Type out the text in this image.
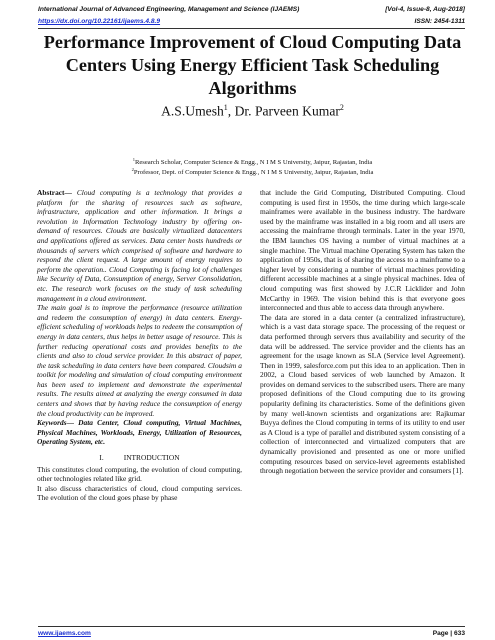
International Journal of Advanced Engineering, Management and Science (IJAEMS)	[Vol-4, Issue-8, Aug-2018]
https://dx.doi.org/10.22161/ijaems.4.8.9	ISSN: 2454-1311
Performance Improvement of Cloud Computing Data Centers Using Energy Efficient Task Scheduling Algorithms
A.S.Umesh$^1$, Dr. Parveen Kumar$^2$
$^1$Research Scholar, Computer Science & Engg., N I M S University, Jaipur, Rajastan, India
$^2$Professor, Dept. of Computer Science & Engg., N I M S University, Jaipur, Rajastan, India

Abstract— Cloud computing is a technology that provides a platform for the sharing of resources such as software, infrastructure, application and other information. It brings a revolution in Information Technology industry by offering on-demand of resources. Clouds are basically virtualized datacenters and applications offered as services. Data center hosts hundreds or thousands of servers which comprised of software and hardware to respond the client request. A large amount of energy requires to perform the operation.. Cloud Computing is facing lot of challenges like Security of Data, Consumption of energy, Server Consolidation, etc. The research work focuses on the study of task scheduling management in a cloud environment.

The main goal is to improve the performance (resource utilization and redeem the consumption of energy) in data centers. Energy-efficient scheduling of workloads helps to redeem the consumption of energy in data centers, thus helps in better usage of resource. This is further reducing operational costs and provides benefits to the clients and also to cloud service provider. In this abstract of paper, the task scheduling in data centers have been compared. Cloudsim a toolkit for modeling and simulation of cloud computing environment has been used to implement and demonstrate the experimental results. The results aimed at analyzing the energy consumed in data centers and shows that by having reduce the consumption of energy the cloud productivity can be improved.

Keywords— Data Center, Cloud computing, Virtual Machines, Physical Machines, Workloads, Energy, Utilization of Resources, Operating System, etc.

I.	INTRODUCTION

This constitutes cloud computing, the evolution of cloud computing, other technologies related like grid.

It also discuss characteristics of cloud, cloud computing services. The evolution of the cloud goes phase by phase

that include the Grid Computing, Distributed Computing. Cloud computing is used first in 1950s, the time during which large-scale mainframes were available in the business industry. The hardware used by the mainframe was installed in a big room and all users are accessing the mainframe through terminals. Later in the year 1970, the IBM launches OS having a number of virtual machines at a single machine. The Virtual machine Operating System has taken the application of 1950s, that is of sharing the access to a mainframe to a higher level by considering a number of virtual machines providing different accessible machines at a single physical machines. Idea of cloud computing was first showed by J.C.R Licklider and John McCarthy in 1969. The vision behind this is that everyone goes interconnected and thus able to access data through anywhere.

The data are stored in a data center (a centralized infrastructure), which is a vast data storage space. The processing of the request or data performed through servers thus availability and security of the data will be addressed. The service provider and the clients has an agreement for the usage known as SLA (Service level Agreement). Then in 1999, salesforce.com put this idea to an application. Then in 2002, a Cloud based services of web launched by Amazon. It provides on demand services to the subscribed users. There are many proposed definitions of the Cloud computing due to its growing popularity defining its characteristics. Some of the definitions given by many well-known scientists and organizations are: Rajkumar Buyya defines the Cloud computing in terms of its utility to end user as A Cloud is a type of parallel and distributed system consisting of a collection of interconnected and virtualized computers that are dynamically provisioned and presented as one or more unified computing resources based on service-level agreements established through negotiation between the service provider and consumers [1].

www.ijaems.com	Page | 633
